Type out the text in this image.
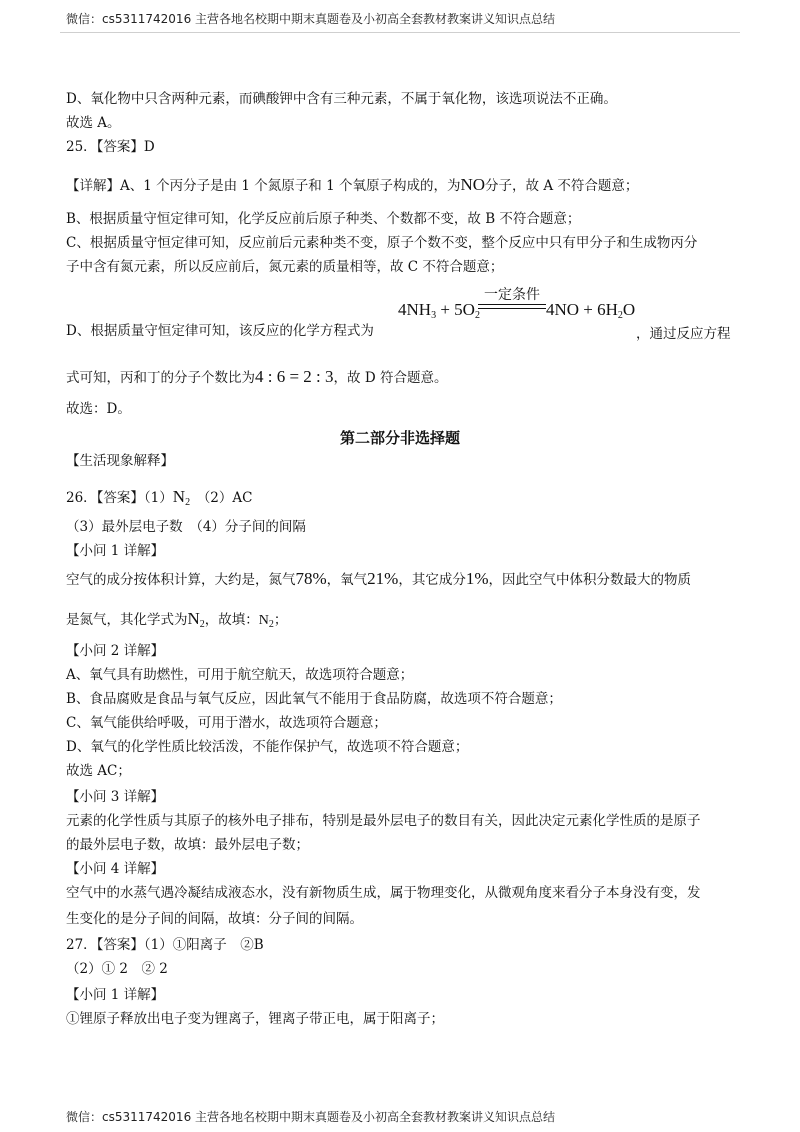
微信：cs5311742016 主营各地名校期中期末真题卷及小初高全套教材教案讲义知识点总结
D、氧化物中只含两种元素，而碘酸钾中含有三种元素，不属于氧化物，该选项说法不正确。
故选 A。
25．【答案】D
【详解】A、1 个丙分子是由 1 个氮原子和 1 个氧原子构成的，为NO分子，故 A 不符合题意；
B、根据质量守恒定律可知，化学反应前后原子种类、个数都不变，故 B 不符合题意；
C、根据质量守恒定律可知，反应前后元素种类不变，原子个数不变，整个反应中只有甲分子和生成物丙分
子中含有氮元素，所以反应前后，氮元素的质量相等，故 C 不符合题意；
D、根据质量守恒定律可知，该反应的化学方程式为
$4NH_3 + 5O_2$
一定条件
$4NO + 6H_2O$
，通过反应方程
式可知，丙和丁的分子个数比为4 : 6 = 2 : 3，故 D 符合题意。
故选：D。
第二部分非选择题
【生活现象解释】
26．【答案】$(1)N_2$　 （2）AC
（3）最外层电子数　（4）分子间的间隔
【小问 1 详解】
空气的成分按体积计算，大约是，氮气78%，氧气21%，其它成分1%，因此空气中体积分数最大的物质
是氮气，其化学式为$N_2$，故填：$N_2$；
【小问 2 详解】
A、氧气具有助燃性，可用于航空航天，故选项符合题意；
B、食品腐败是食品与氧气反应，因此氧气不能用于食品防腐，故选项不符合题意；
C、氧气能供给呼吸，可用于潜水，故选项符合题意；
D、氧气的化学性质比较活泼，不能作保护气，故选项不符合题意；
故选 AC；
【小问 3 详解】
元素的化学性质与其原子的核外电子排布，特别是最外层电子的数目有关，因此决定元素化学性质的是原子
的最外层电子数，故填：最外层电子数；
【小问 4 详解】
空气中的水蒸气遇冷凝结成液态水，没有新物质生成，属于物理变化，从微观角度来看分子本身没有变，发
生变化的是分子间的间隔，故填：分子间的间隔。
27．【答案】（1）①阳离子　②B
（2）① 2　② 2
【小问 1 详解】
①锂原子释放出电子变为锂离子，锂离子带正电，属于阳离子；
微信：cs5311742016 主营各地名校期中期末真题卷及小初高全套教材教案讲义知识点总结
